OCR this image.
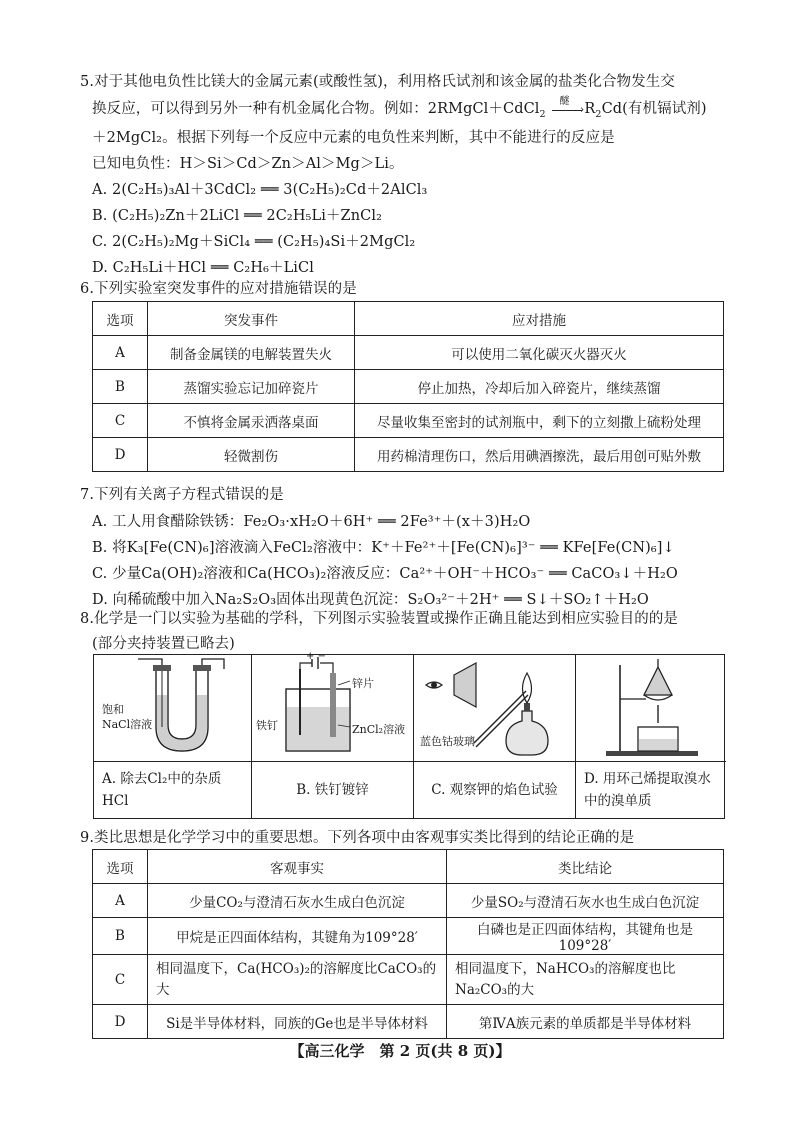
5.对于其他电负性比镁大的金属元素(或酸性氢)，利用格氏试剂和该金属的盐类化合物发生交
换反应，可以得到另外一种有机金属化合物。例如：2RMgCl＋CdCl$_2$
醚
› $R_2Cd$(有机镉试剂)
＋2MgCl₂。根据下列每一个反应中元素的电负性来判断，其中不能进行的反应是
已知电负性：H＞Si＞Cd＞Zn＞Al＞Mg＞Li。
A. 2(C₂H₅)₃Al＋3CdCl₂ ══ 3(C₂H₅)₂Cd＋2AlCl₃
B. (C₂H₅)₂Zn＋2LiCl ══ 2C₂H₅Li＋ZnCl₂
C. 2(C₂H₅)₂Mg＋SiCl₄ ══ (C₂H₅)₄Si＋2MgCl₂
D. C₂H₅Li＋HCl ══ C₂H₆＋LiCl
6.下列实验室突发事件的应对措施错误的是
选项	突发事件	应对措施
A	制备金属镁的电解装置失火	可以使用二氧化碳灭火器灭火
B	蒸馏实验忘记加碎瓷片	停止加热，冷却后加入碎瓷片，继续蒸馏
C	不慎将金属汞洒落桌面	尽量收集至密封的试剂瓶中，剩下的立刻撒上硫粉处理
D	轻微割伤	用药棉清理伤口，然后用碘酒擦洗，最后用创可贴外敷
7.下列有关离子方程式错误的是
A. 工人用食醋除铁锈：Fe₂O₃·xH₂O＋6H⁺ ══ 2Fe³⁺＋(x＋3)H₂O
B. 将K₃[Fe(CN)₆]溶液滴入FeCl₂溶液中：K⁺＋Fe²⁺＋[Fe(CN)₆]³⁻ ══ KFe[Fe(CN)₆]↓
C. 少量Ca(OH)₂溶液和Ca(HCO₃)₂溶液反应：Ca²⁺＋OH⁻＋HCO₃⁻ ══ CaCO₃↓＋H₂O
D. 向稀硫酸中加入Na₂S₂O₃固体出现黄色沉淀：S₂O₃²⁻＋2H⁺ ══ S↓＋SO₂↑＋H₂O
8.化学是一门以实验为基础的学科，下列图示实验装置或操作正确且能达到相应实验目的的是
(部分夹持装置已略去)
饱和
NaCl溶液
A. 除去Cl₂中的杂质HCl
+ −
铁钉
锌片
ZnCl₂溶液
B. 铁钉镀锌
蓝色钴玻璃
C. 观察钾的焰色试验
D. 用环己烯提取溴水中的溴单质
9.类比思想是化学学习中的重要思想。下列各项中由客观事实类比得到的结论正确的是
选项	客观事实	类比结论
A	少量CO₂与澄清石灰水生成白色沉淀	少量SO₂与澄清石灰水也生成白色沉淀
B	甲烷是正四面体结构，其键角为109°28′	白磷也是正四面体结构，其键角也是109°28′
C	相同温度下，Ca(HCO₃)₂的溶解度比CaCO₃的大	相同温度下，NaHCO₃的溶解度也比Na₂CO₃的大
D	Si是半导体材料，同族的Ge也是半导体材料	第ⅣA族元素的单质都是半导体材料
【高三化学　第 2 页(共 8 页)】
